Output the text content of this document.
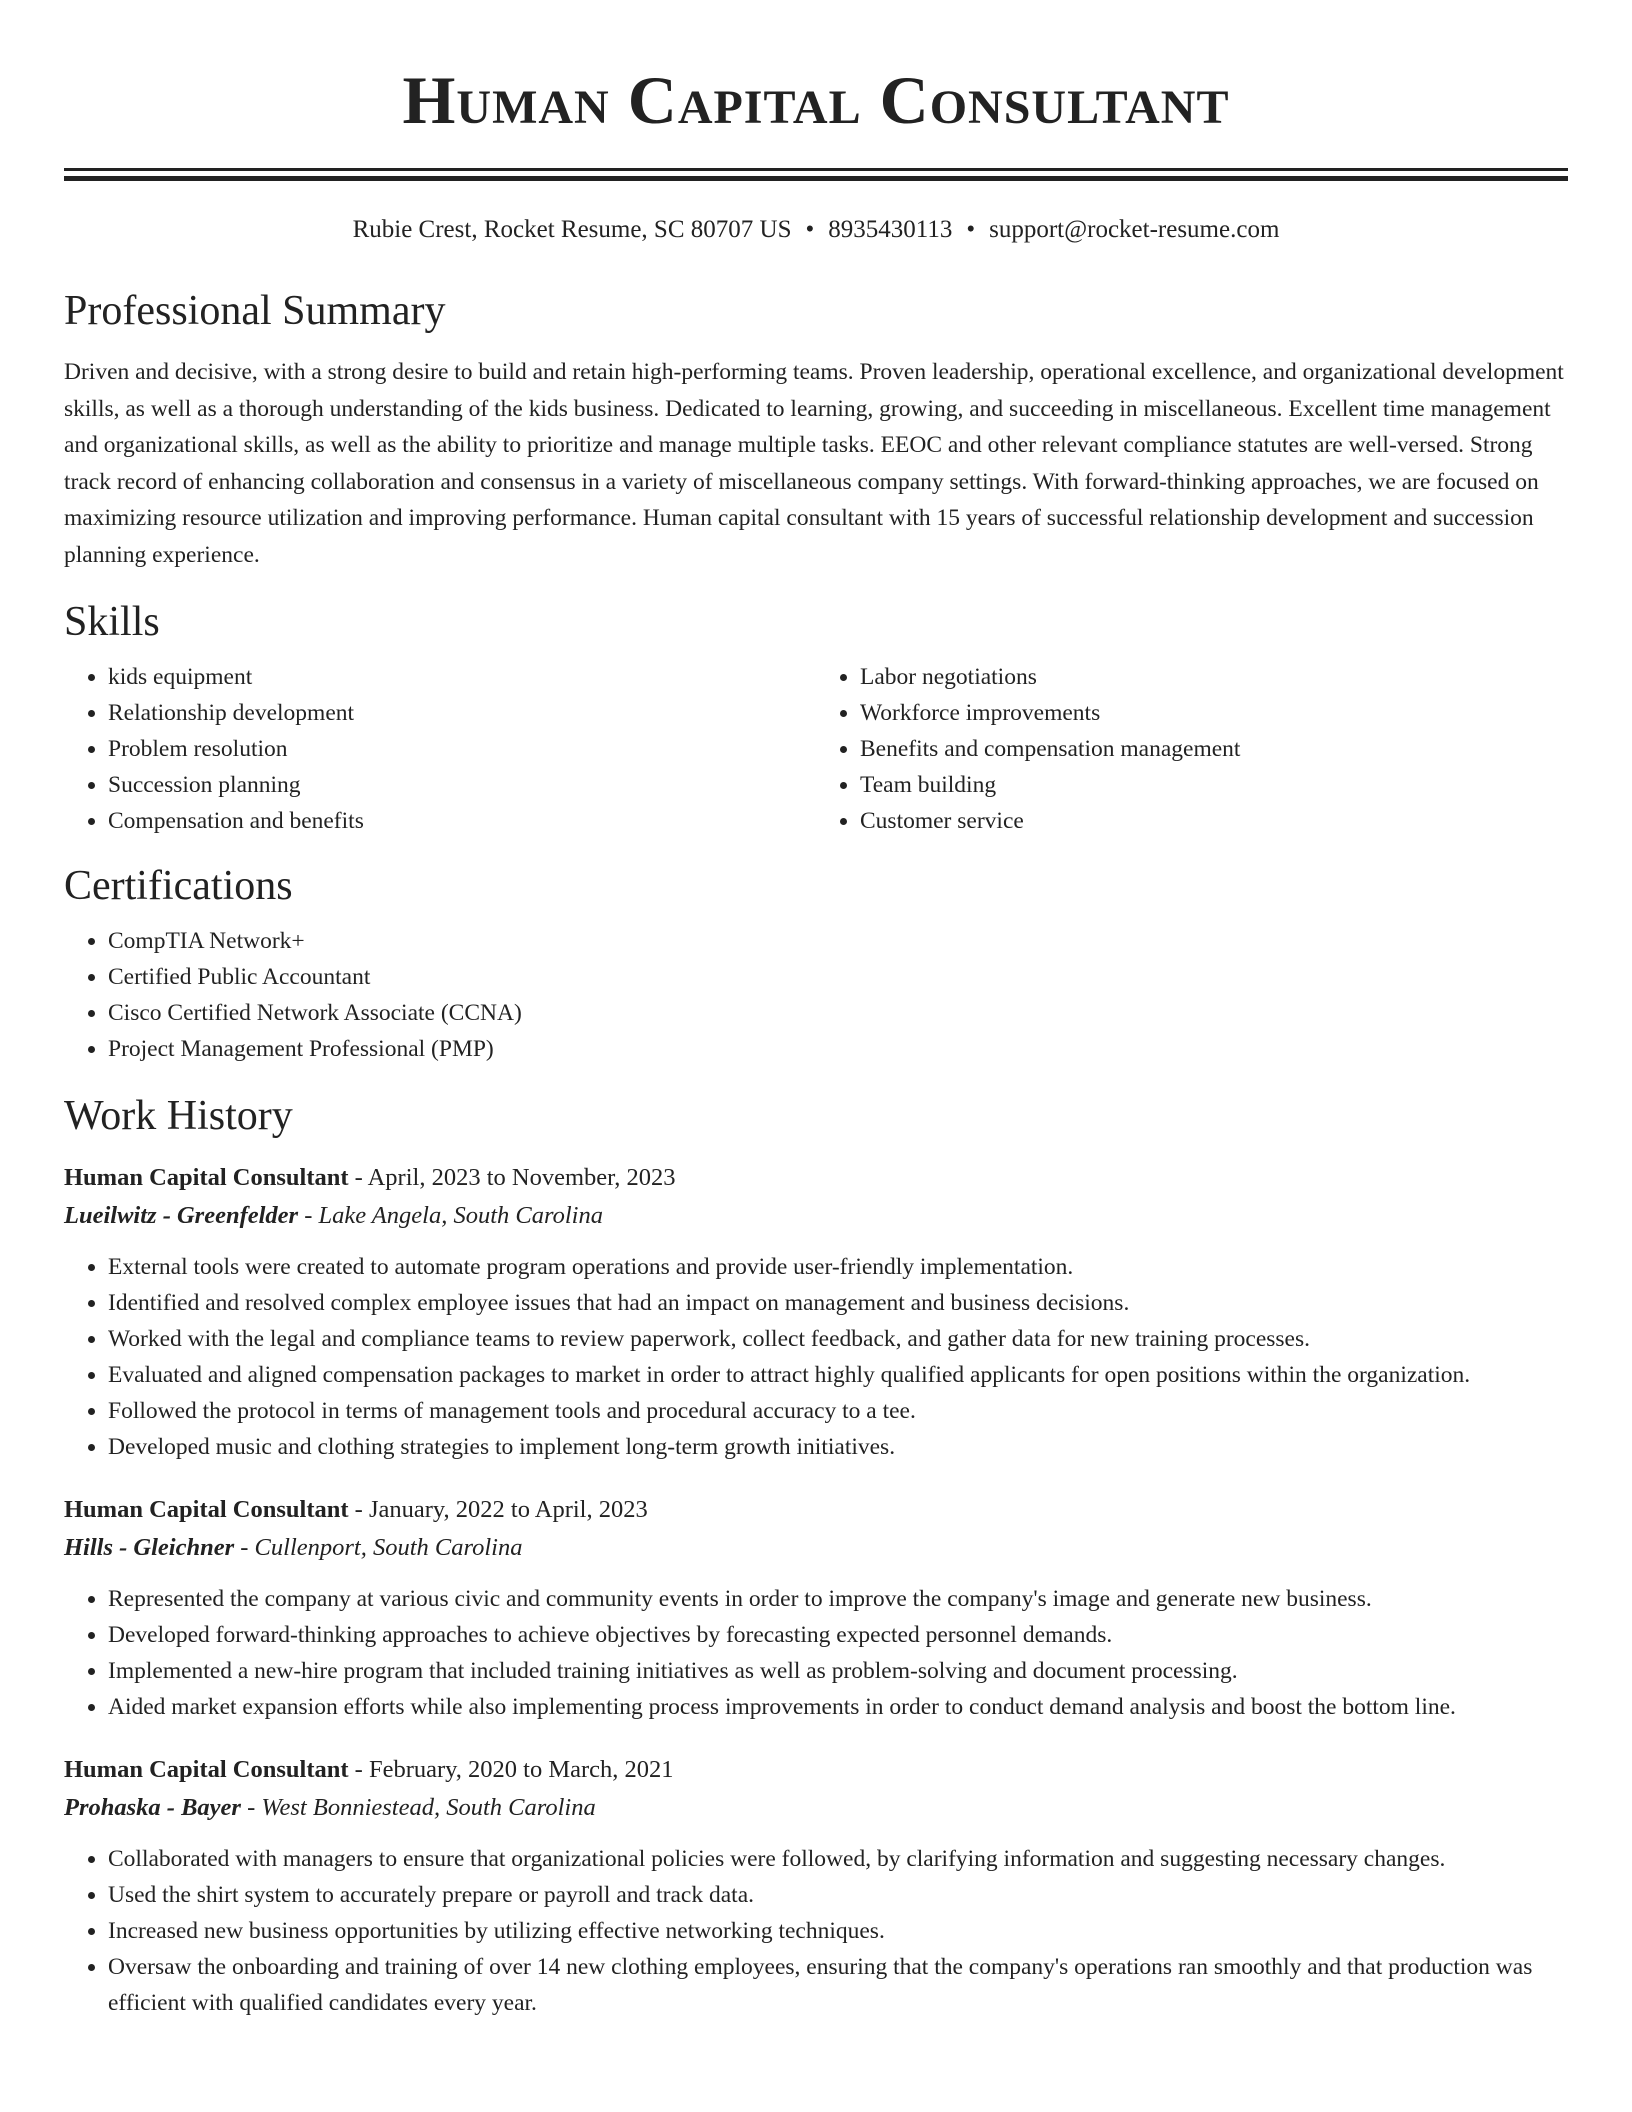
Human Capital Consultant
Rubie Crest, Rocket Resume, SC 80707 US • 8935430113 • support@rocket-resume.com
Professional Summary
Driven and decisive, with a strong desire to build and retain high-performing teams. Proven leadership, operational excellence, and organizational development skills, as well as a thorough understanding of the kids business. Dedicated to learning, growing, and succeeding in miscellaneous. Excellent time management and organizational skills, as well as the ability to prioritize and manage multiple tasks. EEOC and other relevant compliance statutes are well-versed. Strong track record of enhancing collaboration and consensus in a variety of miscellaneous company settings. With forward-thinking approaches, we are focused on maximizing resource utilization and improving performance. Human capital consultant with 15 years of successful relationship development and succession planning experience.
Skills
• kids equipment
• Relationship development
• Problem resolution
• Succession planning
• Compensation and benefits
• Labor negotiations
• Workforce improvements
• Benefits and compensation management
• Team building
• Customer service
Certifications
• CompTIA Network+
• Certified Public Accountant
• Cisco Certified Network Associate (CCNA)
• Project Management Professional (PMP)
Work History
Human Capital Consultant - April, 2023 to November, 2023
Lueilwitz - Greenfelder - Lake Angela, South Carolina
• External tools were created to automate program operations and provide user-friendly implementation.
• Identified and resolved complex employee issues that had an impact on management and business decisions.
• Worked with the legal and compliance teams to review paperwork, collect feedback, and gather data for new training processes.
• Evaluated and aligned compensation packages to market in order to attract highly qualified applicants for open positions within the organization.
• Followed the protocol in terms of management tools and procedural accuracy to a tee.
• Developed music and clothing strategies to implement long-term growth initiatives.
Human Capital Consultant - January, 2022 to April, 2023
Hills - Gleichner - Cullenport, South Carolina
• Represented the company at various civic and community events in order to improve the company's image and generate new business.
• Developed forward-thinking approaches to achieve objectives by forecasting expected personnel demands.
• Implemented a new-hire program that included training initiatives as well as problem-solving and document processing.
• Aided market expansion efforts while also implementing process improvements in order to conduct demand analysis and boost the bottom line.
Human Capital Consultant - February, 2020 to March, 2021
Prohaska - Bayer - West Bonniestead, South Carolina
• Collaborated with managers to ensure that organizational policies were followed, by clarifying information and suggesting necessary changes.
• Used the shirt system to accurately prepare or payroll and track data.
• Increased new business opportunities by utilizing effective networking techniques.
• Oversaw the onboarding and training of over 14 new clothing employees, ensuring that the company's operations ran smoothly and that production was efficient with qualified candidates every year.
